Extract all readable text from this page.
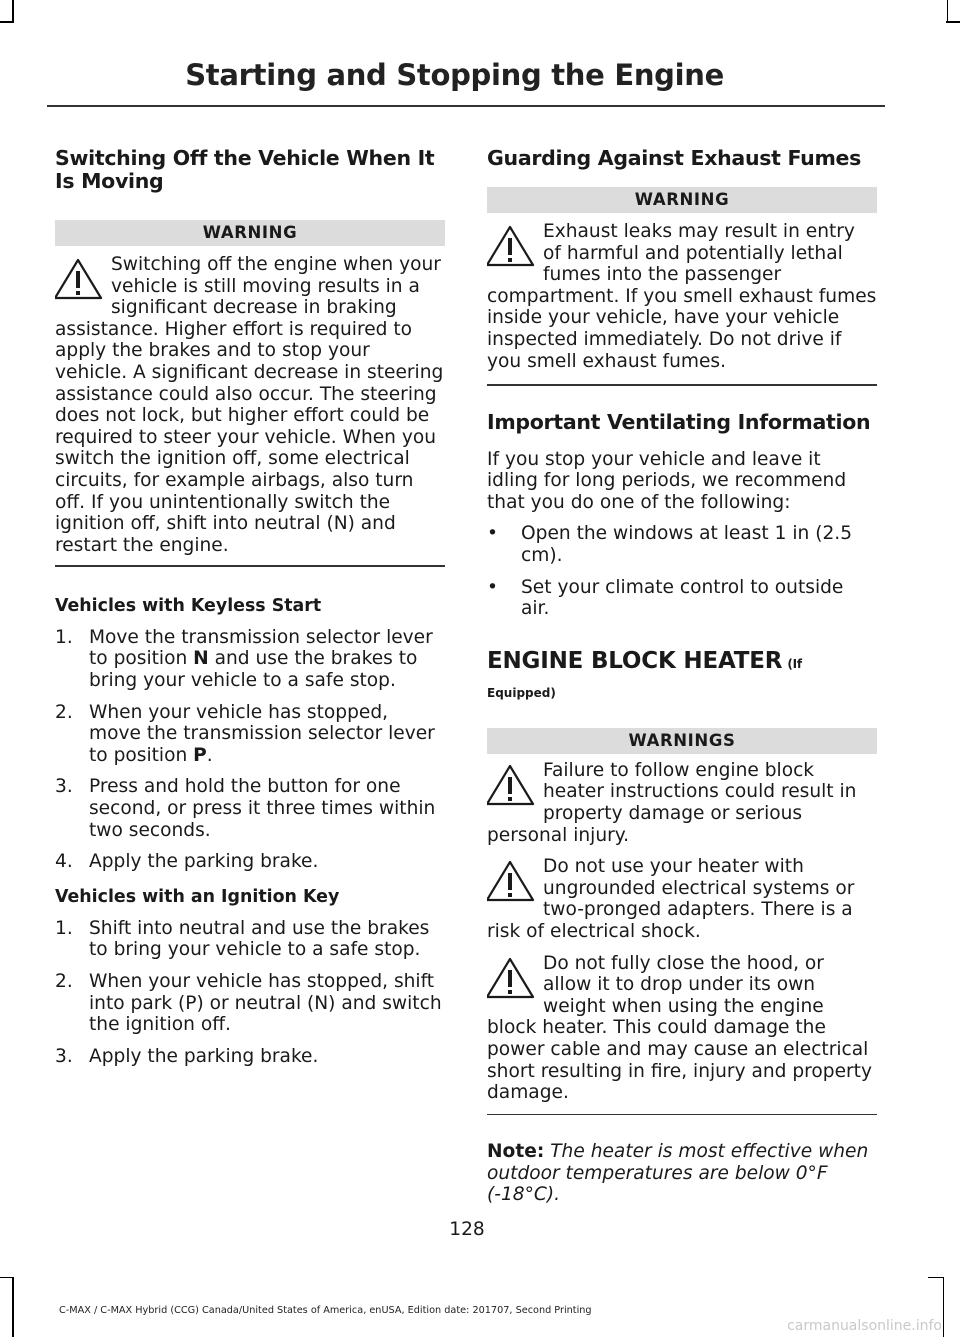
Starting and Stopping the Engine
Switching Off the Vehicle When It Is Moving
WARNING

Switching off the engine when your vehicle is still moving results in a significant decrease in braking assistance. Higher effort is required to apply the brakes and to stop your vehicle. A significant decrease in steering assistance could also occur. The steering does not lock, but higher effort could be required to steer your vehicle. When you switch the ignition off, some electrical circuits, for example airbags, also turn off. If you unintentionally switch the ignition off, shift into neutral (N) and restart the engine.

Vehicles with Keyless Start
1. Move the transmission selector lever to position N and use the brakes to bring your vehicle to a safe stop.
2. When your vehicle has stopped, move the transmission selector lever to position P.
3. Press and hold the button for one second, or press it three times within two seconds.
4. Apply the parking brake.
Vehicles with an Ignition Key
1. Shift into neutral and use the brakes to bring your vehicle to a safe stop.
2. When your vehicle has stopped, shift into park (P) or neutral (N) and switch the ignition off.
3. Apply the parking brake.
Guarding Against Exhaust Fumes
WARNING

Exhaust leaks may result in entry of harmful and potentially lethal fumes into the passenger compartment. If you smell exhaust fumes inside your vehicle, have your vehicle inspected immediately. Do not drive if you smell exhaust fumes.

Important Ventilating Information

If you stop your vehicle and leave it idling for long periods, we recommend that you do one of the following:

• Open the windows at least 1 in (2.5 cm).
• Set your climate control to outside air.
ENGINE BLOCK HEATER (If
Equipped)
WARNINGS

Failure to follow engine block heater instructions could result in property damage or serious personal injury.

Do not use your heater with ungrounded electrical systems or two-pronged adapters. There is a risk of electrical shock.

Do not fully close the hood, or allow it to drop under its own weight when using the engine block heater. This could damage the power cable and may cause an electrical short resulting in fire, injury and property damage.

Note: The heater is most effective when outdoor temperatures are below 0°F (-18°C).

128
C-MAX / C-MAX Hybrid (CCG) Canada/United States of America, enUSA, Edition date: 201707, Second Printing
carmanualsonline.info
